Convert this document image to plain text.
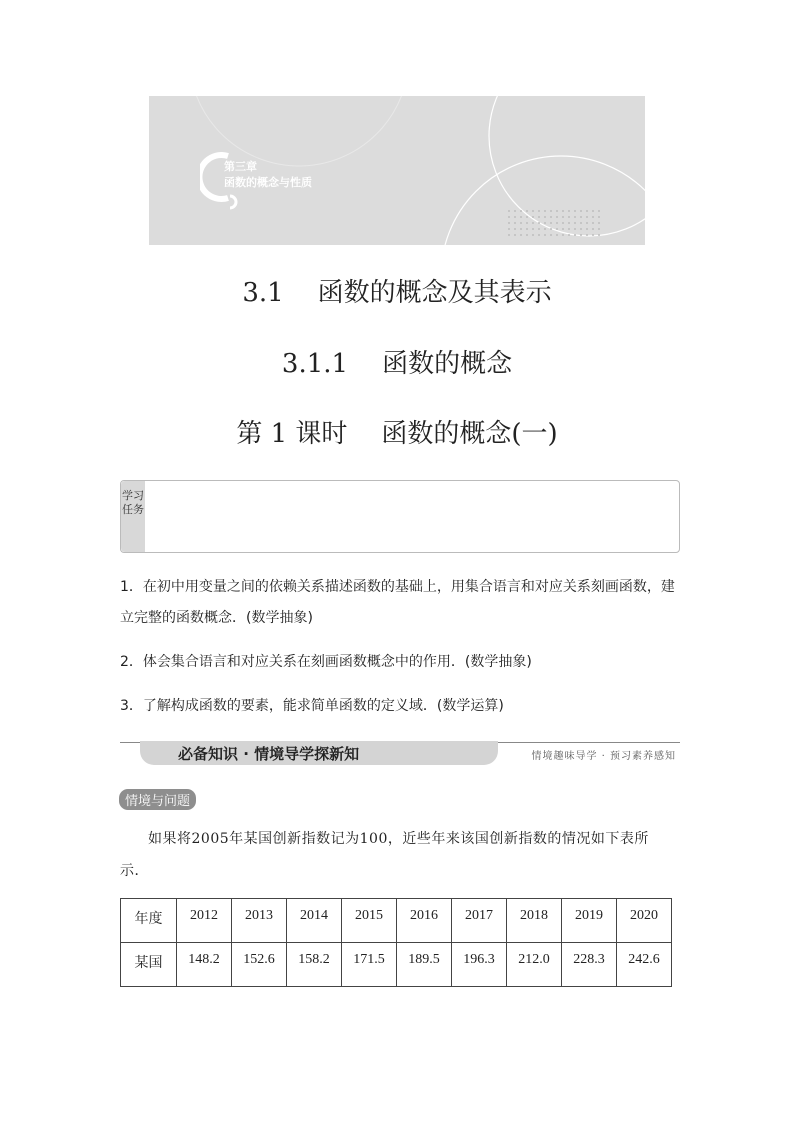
第三章
函数的概念与性质
3.1 函数的概念及其表示
3.1.1 函数的概念
第 1 课时 函数的概念(一)
学习任务
1．在初中用变量之间的依赖关系描述函数的基础上，用集合语言和对应关系刻画函数，建立完整的函数概念．(数学抽象)
2．体会集合语言和对应关系在刻画函数概念中的作用．(数学抽象)
3．了解构成函数的要素，能求简单函数的定义域．(数学运算)
必备知识 · 情境导学探新知	情境趣味导学 · 预习素养感知
情境与问题
如果将2005年某国创新指数记为100，近些年来该国创新指数的情况如下表所示．
年度	2012	2013	2014	2015	2016	2017	2018	2019	2020
某国	148.2	152.6	158.2	171.5	189.5	196.3	212.0	228.3	242.6
